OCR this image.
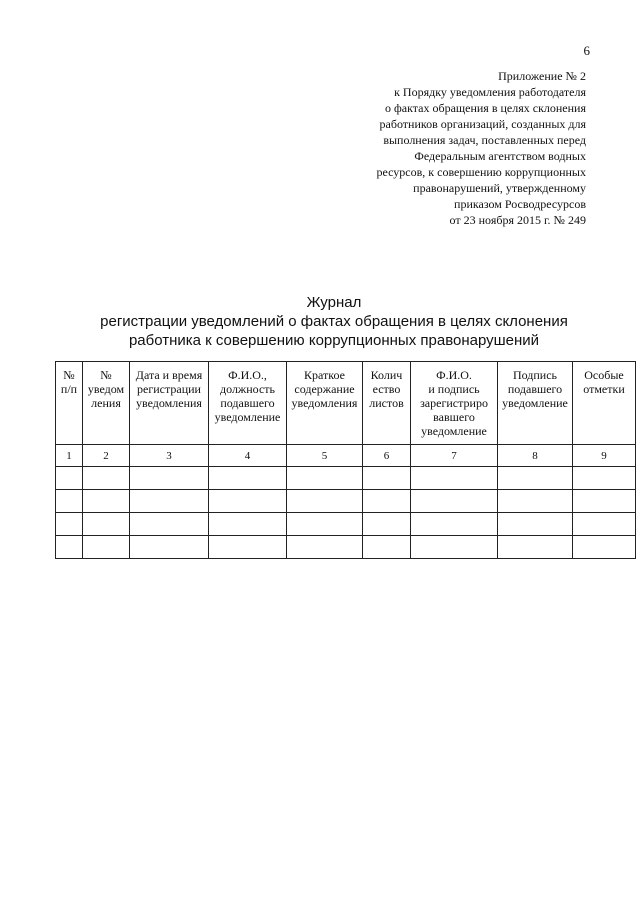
6
Приложение № 2
к Порядку уведомления работодателя
о фактах обращения в целях склонения
работников организаций, созданных для
выполнения задач, поставленных перед
Федеральным агентством водных
ресурсов, к совершению коррупционных
правонарушений, утвержденному
приказом Росводресурсов
от 23 ноября 2015 г. № 249
Журнал
регистрации уведомлений о фактах обращения в целях склонения
работника к совершению коррупционных правонарушений
№
п/п	№
уведом
ления	Дата и время
регистрации
уведомления	Ф.И.О.,
должность
подавшего
уведомление	Краткое
содержание
уведомления	Колич
ество
листов	Ф.И.О.
и подпись
зарегистриро
вавшего
уведомление	Подпись
подавшего
уведомление	Особые
отметки

1	2	3	4	5	6	7	8	9
